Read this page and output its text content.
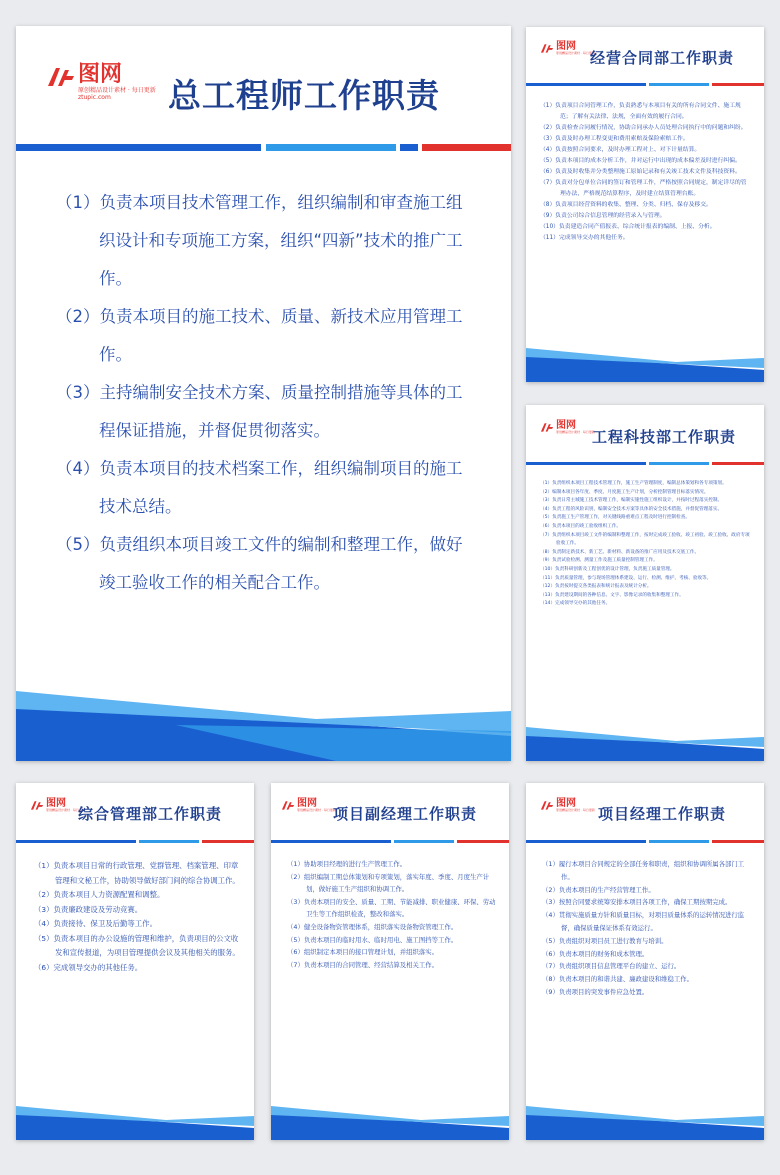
图网
原创精品设计素材 · 每日更新
ztupic.com	总工程师工作职责
（1）负责本项目技术管理工作，组织编制和审查施工组织设计和专项施工方案，组织“四新”技术的推广工作。
（2）负责本项目的施工技术、质量、新技术应用管理工作。
（3）主持编制安全技术方案、质量控制措施等具体的工程保证措施，并督促贯彻落实。
（4）负责本项目的技术档案工作，组织编制项目的施工技术总结。
（5）负责组织本项目竣工文件的编制和整理工作，做好竣工验收工作的相关配合工作。
图网
原创精品设计素材 · 每日更新
经营合同部工作职责
（1）负责项目合同管理工作，负责熟悉与本项目有关的所有合同文件、施工规范；了解有关法律、法规，全面有效的履行合同。
（2）负责检查合同履行情况，协助合同承办人员处理合同执行中的问题和纠纷。
（3）负责及时办理工程变更和费用索赔及保险索赔工作。
（4）负责按照合同要求，及时办理工程对上、对下计量结算。
（5）负责本项目的成本分析工作，并对运行中出现的成本偏差及时进行纠偏。
（6）负责及时收集并分类整理施工原始记录和有关竣工技术文件及科技资料。
（7）负责对分包单位合同的签订和管理工作，严格按照合同规定，制定详尽的管理办法，严格规范结算程序，及时建立结算管理台账。
（8）负责项目经营资料的收集、整理、分类、归档、保存及移交。
（9）负责公司综合信息管理的经营录入与管理。
（10）负责建造合同产值报表、综合统计报表的编制、上报、分析。
（11）完成领导交办的其他任务。
图网
原创精品设计素材 · 每日更新
工程科技部工作职责
（1）负责组织本项目工程技术管理工作，施工生产管理制度，编制总体策划和各专项策划。
（2）编制本项目各年度、季度、月度施工生产计划，分析控制管理目标落实情况。
（3）负责日常主城施工技术管理工作，编制实施性施工组织设计，并按时过程落实控制。
（4）负责工程的风险识别，编制安全技术方案等具体的安全技术措施，并督促管理落实。
（5）负责施工生产管理工作，对关键线路重难点工程及时进行控制检查。
（6）负责本项目的竣工验收组织工作。
（7）负责组织本项目竣工文件的编制和整理工作，按时完成竣工验收、竣工初验、竣工验收、政府专项验收工作。
（8）负责制定新技术、新工艺、新材料、新设备的推广应用及技术交底工作。
（9）负责试验检测、测量工作及施工质量控制管理工作。
（10）负责科研创新及工程创优的设计管理，负责施工质量管理。
（11）负责质量管理，参与现场管理体系建设、运行、检测、维护、考核、验收等。
（12）负责按时提交各类报表和统计报表及统计分析。
（13）负责建设期间的各种信息、文字、影像记录的收集和整理工作。
（14）完成领导交办的其他任务。
图网
原创精品设计素材 · 每日更新
综合管理部工作职责
（1）负责本项目日常的行政管理、党群管理、档案管理、印章管理和文秘工作，协助领导做好部门间的综合协调工作。
（2）负责本项目人力资源配置和调整。
（3）负责廉政建设及劳动竞赛。
（4）负责接待、保卫及后勤等工作。
（5）负责本项目的办公设施的管理和维护，负责项目的公文收发和宣传报道，为项目管理提供会议及其他相关的服务。
（6）完成领导交办的其他任务。
图网
原创精品设计素材 · 每日更新
项目副经理工作职责
（1）协助项目经理的进行生产管理工作。
（2）组织编制工期总体策划和专项策划，落实年度、季度、月度生产计划，做好施工生产组织和协调工作。
（3）负责本项目的安全、质量、工期、节能减排、职业健康、环保、劳动卫生等工作组织检查，整改和落实。
（4）健全设备物资管理体系，组织落实设备物资管理工作。
（5）负责本项目的临时用水、临时用电、施工图挡等工作。
（6）组织制定本项目的接口管理计划，并组织落实。
（7）负责本项目的合同管理、经营结算及相关工作。
图网
原创精品设计素材 · 每日更新 项目经理工作职责
（1）履行本项目合同规定的全部任务和职责，组织和协调所属各部门工作。
（2）负责本项目的生产经营管理工作。
（3）按照合同要求统筹安排本项目各项工作，确保工期按期完成。
（4）贯彻实施质量方针和质量目标，对项目质量体系的运转情况进行监督，确保质量保证体系有效运行。
（5）负责组织对项目员工进行教育与培训。
（6）负责本项目的财务和成本管理。
（7）负责组织项目信息管理平台的建立、运行。
（8）负责本项目的和谐共建、廉政建设和维稳工作。
（9）负责项目的突发事件应急处置。
